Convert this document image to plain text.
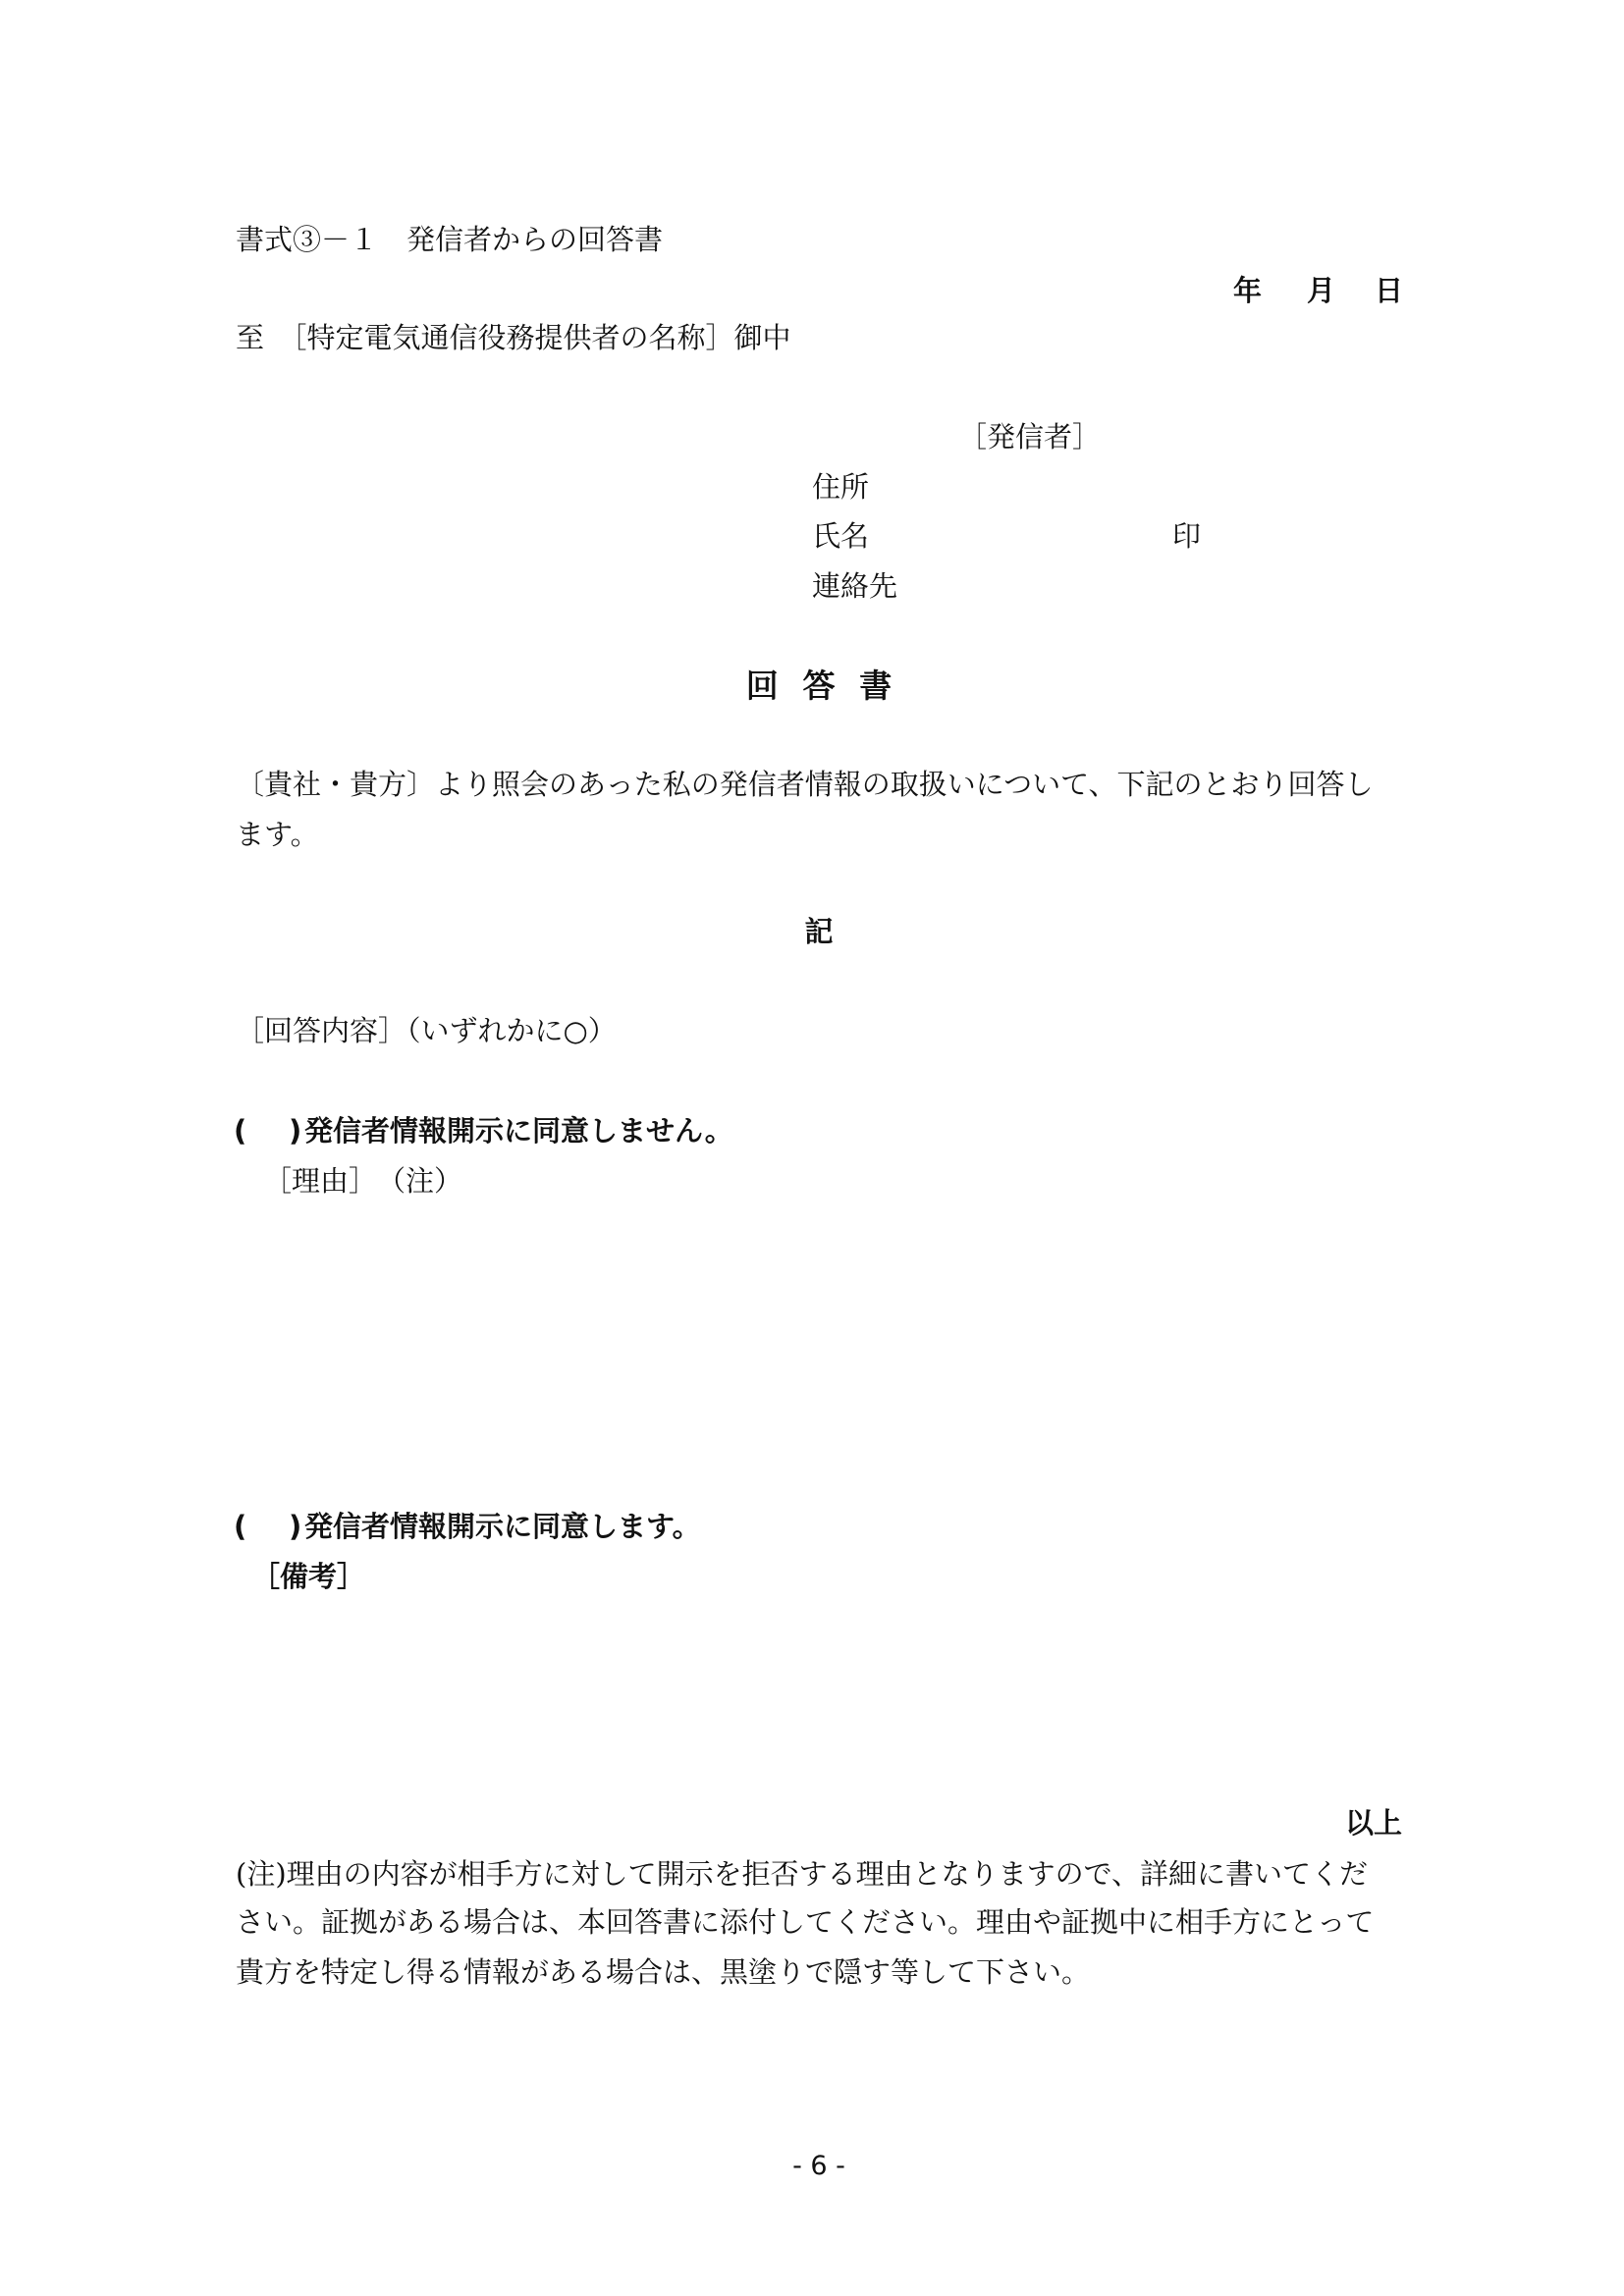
書式③－１　発信者からの回答書
年 月 日
至　［特定電気通信役務提供者の名称］御中
［発信者］
住所
氏名	印
連絡先
回答書
〔貴社・貴方〕より照会のあった私の発信者情報の取扱いについて、下記のとおり回答し
ます。
記
［回答内容］（いずれかに○）
( ) 発信者情報開示に同意しません。
［理由］　（注）
( ) 発信者情報開示に同意します。
［備考］
以上
(注)理由の内容が相手方に対して開示を拒否する理由となりますので、詳細に書いてくだ
さい。証拠がある場合は、本回答書に添付してください。理由や証拠中に相手方にとって
貴方を特定し得る情報がある場合は、黒塗りで隠す等して下さい。
- 6 -
